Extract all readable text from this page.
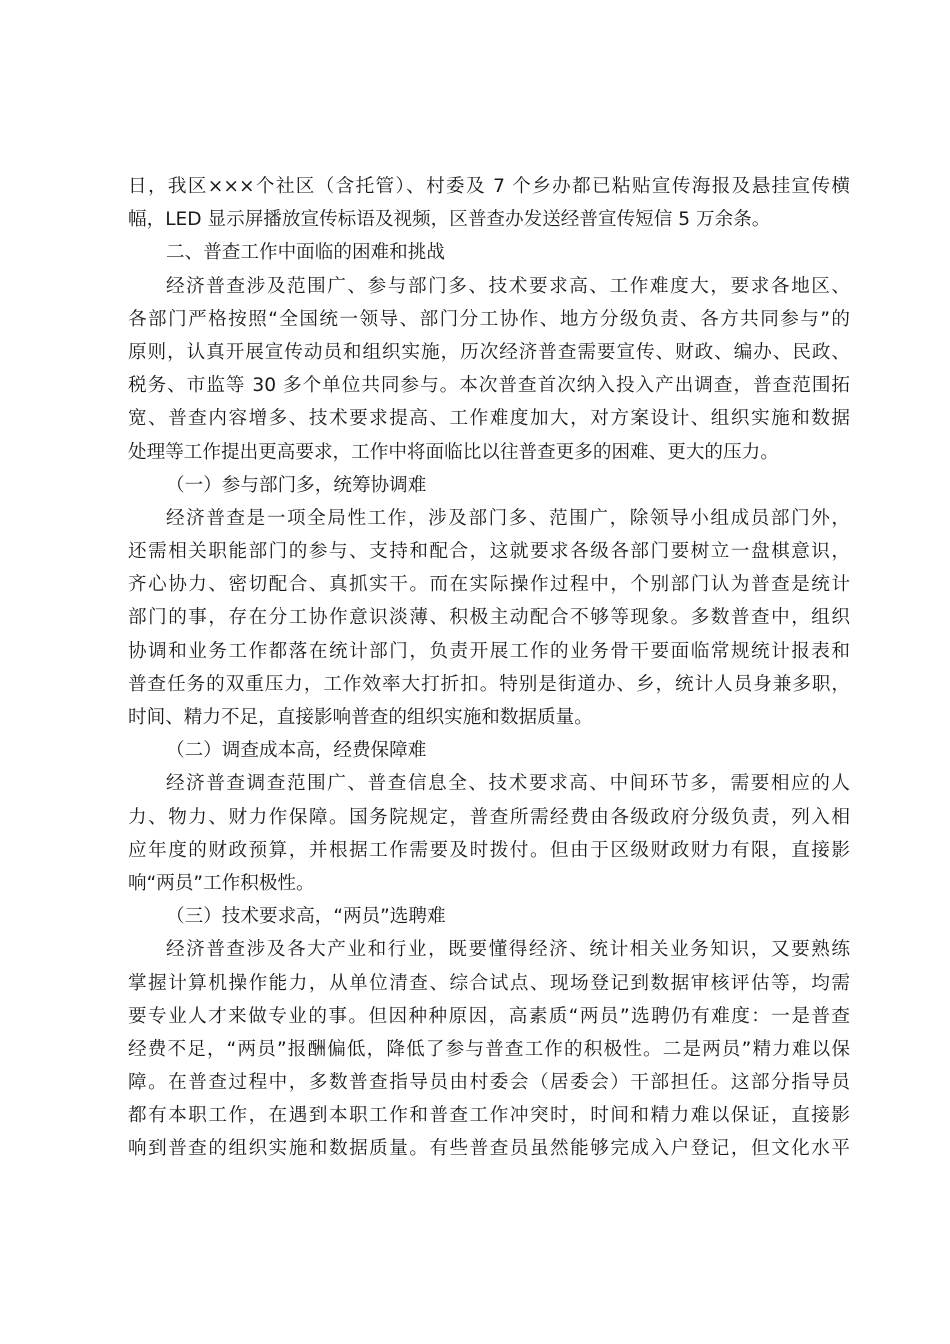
日，我区×××个社区（含托管）、村委及 7 个乡办都已粘贴宣传海报及悬挂宣传横
幅，LED 显示屏播放宣传标语及视频，区普查办发送经普宣传短信 5 万余条。
二、普查工作中面临的困难和挑战
经济普查涉及范围广、参与部门多、技术要求高、工作难度大，要求各地区、
各部门严格按照“全国统一领导、部门分工协作、地方分级负责、各方共同参与”的
原则，认真开展宣传动员和组织实施，历次经济普查需要宣传、财政、编办、民政、
税务、市监等 30 多个单位共同参与。本次普查首次纳入投入产出调查，普查范围拓
宽、普查内容增多、技术要求提高、工作难度加大，对方案设计、组织实施和数据
处理等工作提出更高要求，工作中将面临比以往普查更多的困难、更大的压力。
（一）参与部门多，统筹协调难
经济普查是一项全局性工作，涉及部门多、范围广，除领导小组成员部门外，
还需相关职能部门的参与、支持和配合，这就要求各级各部门要树立一盘棋意识，
齐心协力、密切配合、真抓实干。而在实际操作过程中，个别部门认为普查是统计
部门的事，存在分工协作意识淡薄、积极主动配合不够等现象。多数普查中，组织
协调和业务工作都落在统计部门，负责开展工作的业务骨干要面临常规统计报表和
普查任务的双重压力，工作效率大打折扣。特别是街道办、乡，统计人员身兼多职，
时间、精力不足，直接影响普查的组织实施和数据质量。
（二）调查成本高，经费保障难
经济普查调查范围广、普查信息全、技术要求高、中间环节多，需要相应的人
力、物力、财力作保障。国务院规定，普查所需经费由各级政府分级负责，列入相
应年度的财政预算，并根据工作需要及时拨付。但由于区级财政财力有限，直接影
响“两员”工作积极性。
（三）技术要求高，“两员”选聘难
经济普查涉及各大产业和行业，既要懂得经济、统计相关业务知识，又要熟练
掌握计算机操作能力，从单位清查、综合试点、现场登记到数据审核评估等，均需
要专业人才来做专业的事。但因种种原因，高素质“两员”选聘仍有难度：一是普查
经费不足，“两员”报酬偏低，降低了参与普查工作的积极性。二是两员”精力难以保
障。在普查过程中，多数普查指导员由村委会（居委会）干部担任。这部分指导员
都有本职工作，在遇到本职工作和普查工作冲突时，时间和精力难以保证，直接影
响到普查的组织实施和数据质量。有些普查员虽然能够完成入户登记，但文化水平
